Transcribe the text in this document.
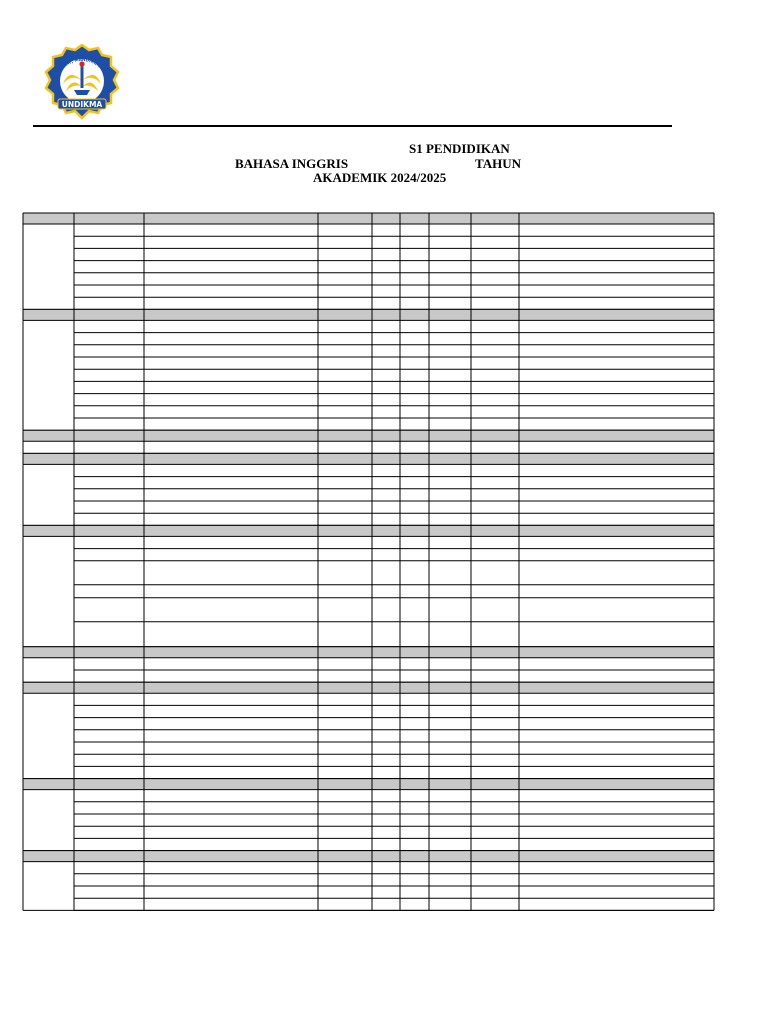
ATIF, ADAPTIF, MANDIRI, BERDAYA S
UNDIKMA
S1 PENDIDIKAN
BAHASA INGGRIS	TAHUN
AKADEMIK 2024/2025
